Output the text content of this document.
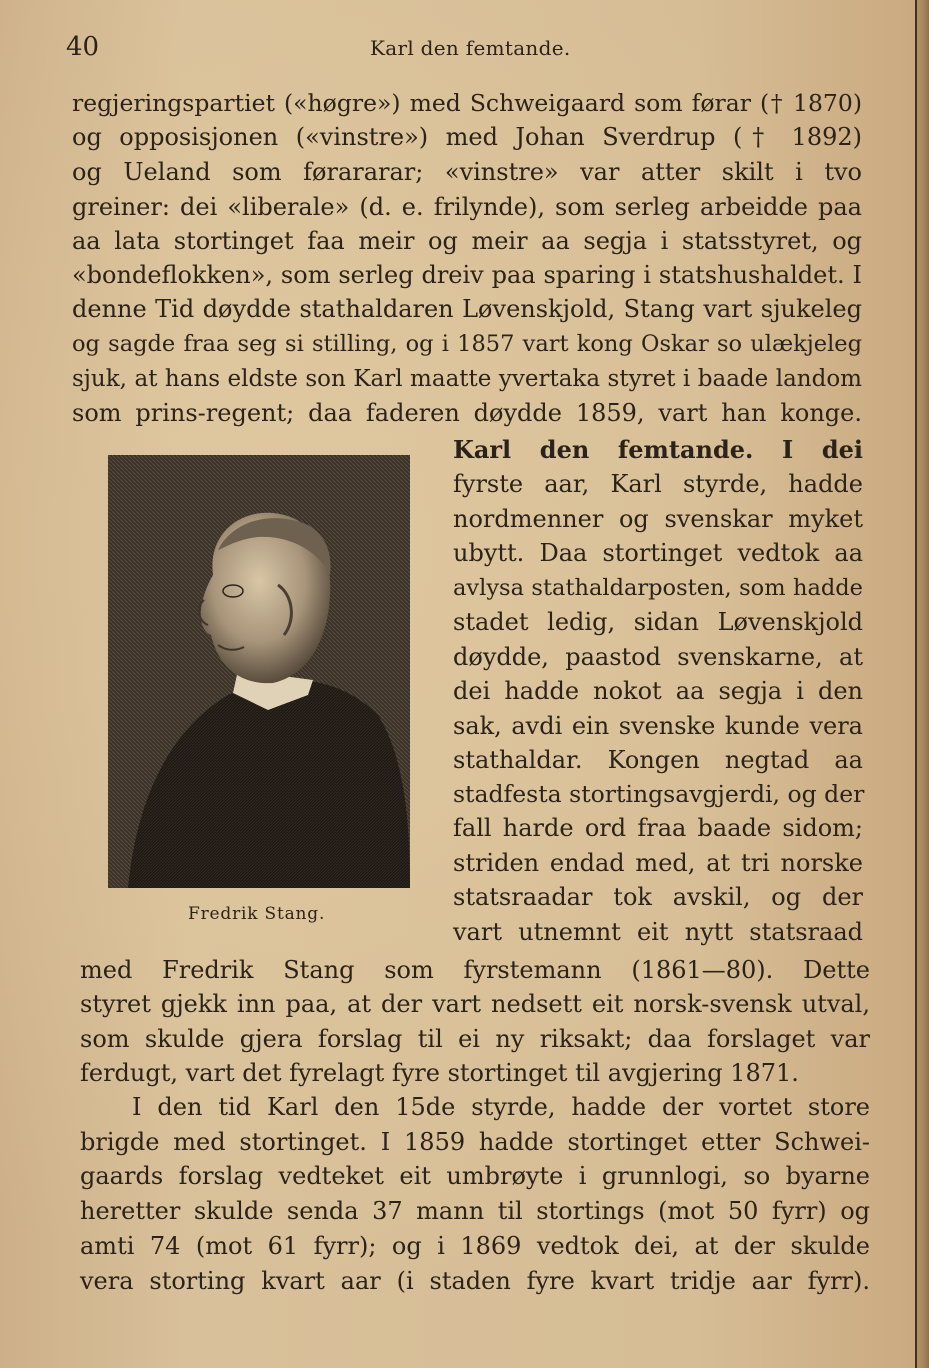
40	Karl den femtande.
regjeringspartiet («høgre») med Schweigaard som førar († 1870)
og opposisjonen («vinstre») med Johan Sverdrup († 1892)
og Ueland som førararar; «vinstre» var atter skilt i tvo
greiner: dei «liberale» (d. e. frilynde), som serleg arbeidde paa
aa lata stortinget faa meir og meir aa segja i statsstyret, og
«bondeflokken», som serleg dreiv paa sparing i statshushaldet. I
denne Tid døydde stathaldaren Løvenskjold, Stang vart sjukeleg
og sagde fraa seg si stilling, og i 1857 vart kong Oskar so ulækjeleg
sjuk, at hans eldste son Karl maatte yvertaka styret i baade landom
som prins-regent; daa faderen døydde 1859, vart han konge.
Fredrik Stang.
Karl den femtande. I dei
fyrste aar, Karl styrde, hadde
nordmenner og svenskar myket
ubytt. Daa stortinget vedtok aa
avlysa stathaldarposten, som hadde
stadet ledig, sidan Løvenskjold
døydde, paastod svenskarne, at
dei hadde nokot aa segja i den
sak, avdi ein svenske kunde vera
stathaldar. Kongen negtad aa
stadfesta stortingsavgjerdi, og der
fall harde ord fraa baade sidom;
striden endad med, at tri norske
statsraadar tok avskil, og der
vart utnemnt eit nytt statsraad
med Fredrik Stang som fyrstemann (1861—80). Dette
styret gjekk inn paa, at der vart nedsett eit norsk-svensk utval,
som skulde gjera forslag til ei ny riksakt; daa forslaget var
ferdugt, vart det fyrelagt fyre stortinget til avgjering 1871.
I den tid Karl den 15de styrde, hadde der vortet store
brigde med stortinget. I 1859 hadde stortinget etter Schwei-
gaards forslag vedteket eit umbrøyte i grunnlogi, so byarne
heretter skulde senda 37 mann til stortings (mot 50 fyrr) og
amti 74 (mot 61 fyrr); og i 1869 vedtok dei, at der skulde
vera storting kvart aar (i staden fyre kvart tridje aar fyrr).
